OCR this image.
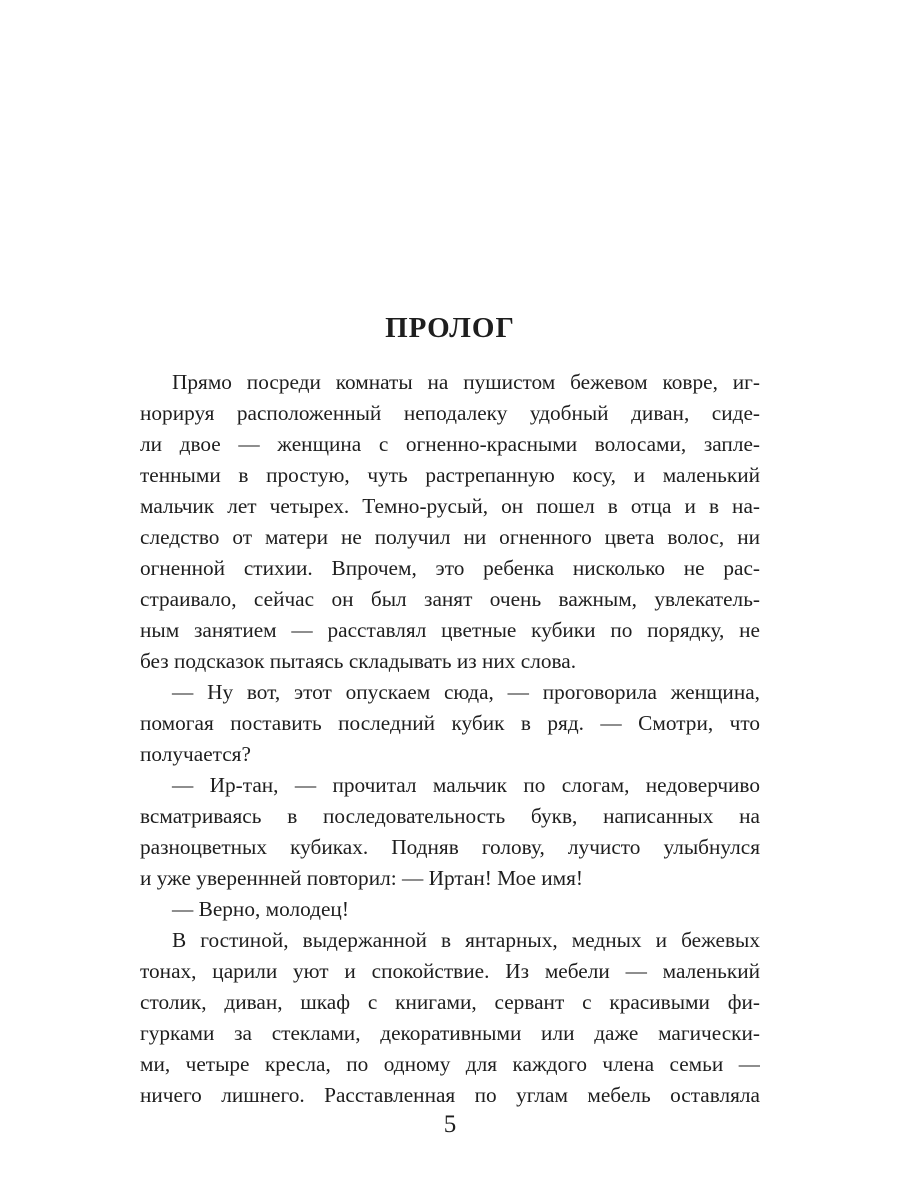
ПРОЛОГ
Прямо посреди комнаты на пушистом бежевом ковре, иг-
норируя расположенный неподалеку удобный диван, сиде-
ли двое — женщина с огненно-красными волосами, запле-
тенными в простую, чуть растрепанную косу, и маленький
мальчик лет четырех. Темно-русый, он пошел в отца и в на-
следство от матери не получил ни огненного цвета волос, ни
огненной стихии. Впрочем, это ребенка нисколько не рас-
страивало, сейчас он был занят очень важным, увлекатель-
ным занятием — расставлял цветные кубики по порядку, не
без подсказок пытаясь складывать из них слова.
— Ну вот, этот опускаем сюда, — проговорила женщина,
помогая поставить последний кубик в ряд. — Смотри, что
получается?
— Ир-тан, — прочитал мальчик по слогам, недоверчиво
всматриваясь в последовательность букв, написанных на
разноцветных кубиках. Подняв голову, лучисто улыбнулся
и уже увереннней повторил: — Иртан! Мое имя!
— Верно, молодец!
В гостиной, выдержанной в янтарных, медных и бежевых
тонах, царили уют и спокойствие. Из мебели — маленький
столик, диван, шкаф с книгами, сервант с красивыми фи-
гурками за стеклами, декоративными или даже магически-
ми, четыре кресла, по одному для каждого члена семьи —
ничего лишнего. Расставленная по углам мебель оставляла
5
